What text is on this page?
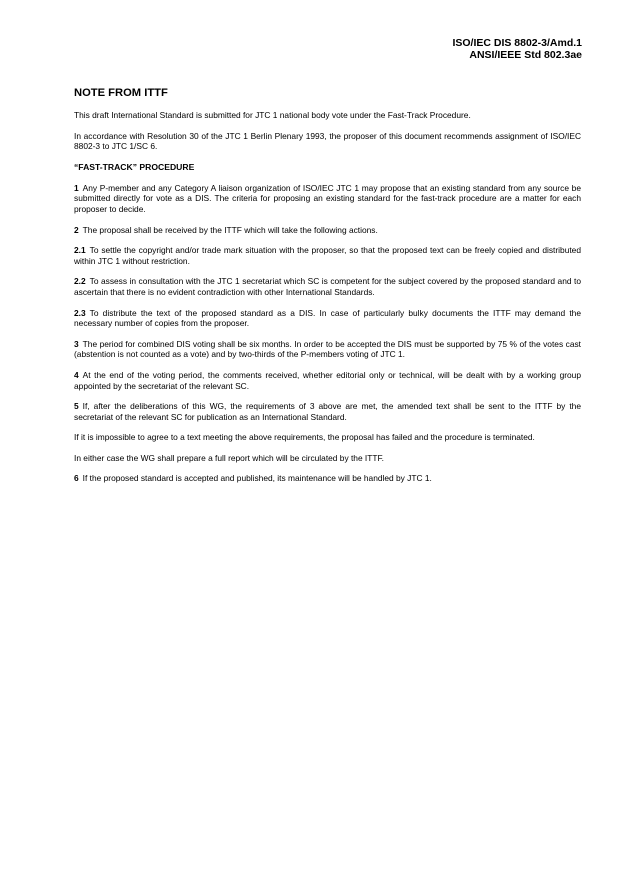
ISO/IEC DIS 8802-3/Amd.1
ANSI/IEEE Std 802.3ae
NOTE FROM ITTF

This draft International Standard is submitted for JTC 1 national body vote under the Fast-Track Procedure.

In accordance with Resolution 30 of the JTC 1 Berlin Plenary 1993, the proposer of this document recommends assignment of ISO/IEC 8802-3 to JTC 1/SC 6.

“FAST-TRACK” PROCEDURE

1 Any P-member and any Category A liaison organization of ISO/IEC JTC 1 may propose that an existing standard from any source be submitted directly for vote as a DIS. The criteria for proposing an existing standard for the fast-track procedure are a matter for each proposer to decide.

2 The proposal shall be received by the ITTF which will take the following actions.

2.1 To settle the copyright and/or trade mark situation with the proposer, so that the proposed text can be freely copied and distributed within JTC 1 without restriction.

2.2 To assess in consultation with the JTC 1 secretariat which SC is competent for the subject covered by the proposed standard and to ascertain that there is no evident contradiction with other International Standards.

2.3 To distribute the text of the proposed standard as a DIS. In case of particularly bulky documents the ITTF may demand the necessary number of copies from the proposer.

3 The period for combined DIS voting shall be six months. In order to be accepted the DIS must be supported by 75 % of the votes cast (abstention is not counted as a vote) and by two-thirds of the P-members voting of JTC 1.

4 At the end of the voting period, the comments received, whether editorial only or technical, will be dealt with by a working group appointed by the secretariat of the relevant SC.

5 If, after the deliberations of this WG, the requirements of 3 above are met, the amended text shall be sent to the ITTF by the secretariat of the relevant SC for publication as an International Standard.

If it is impossible to agree to a text meeting the above requirements, the proposal has failed and the procedure is terminated.

In either case the WG shall prepare a full report which will be circulated by the ITTF.

6 If the proposed standard is accepted and published, its maintenance will be handled by JTC 1.
